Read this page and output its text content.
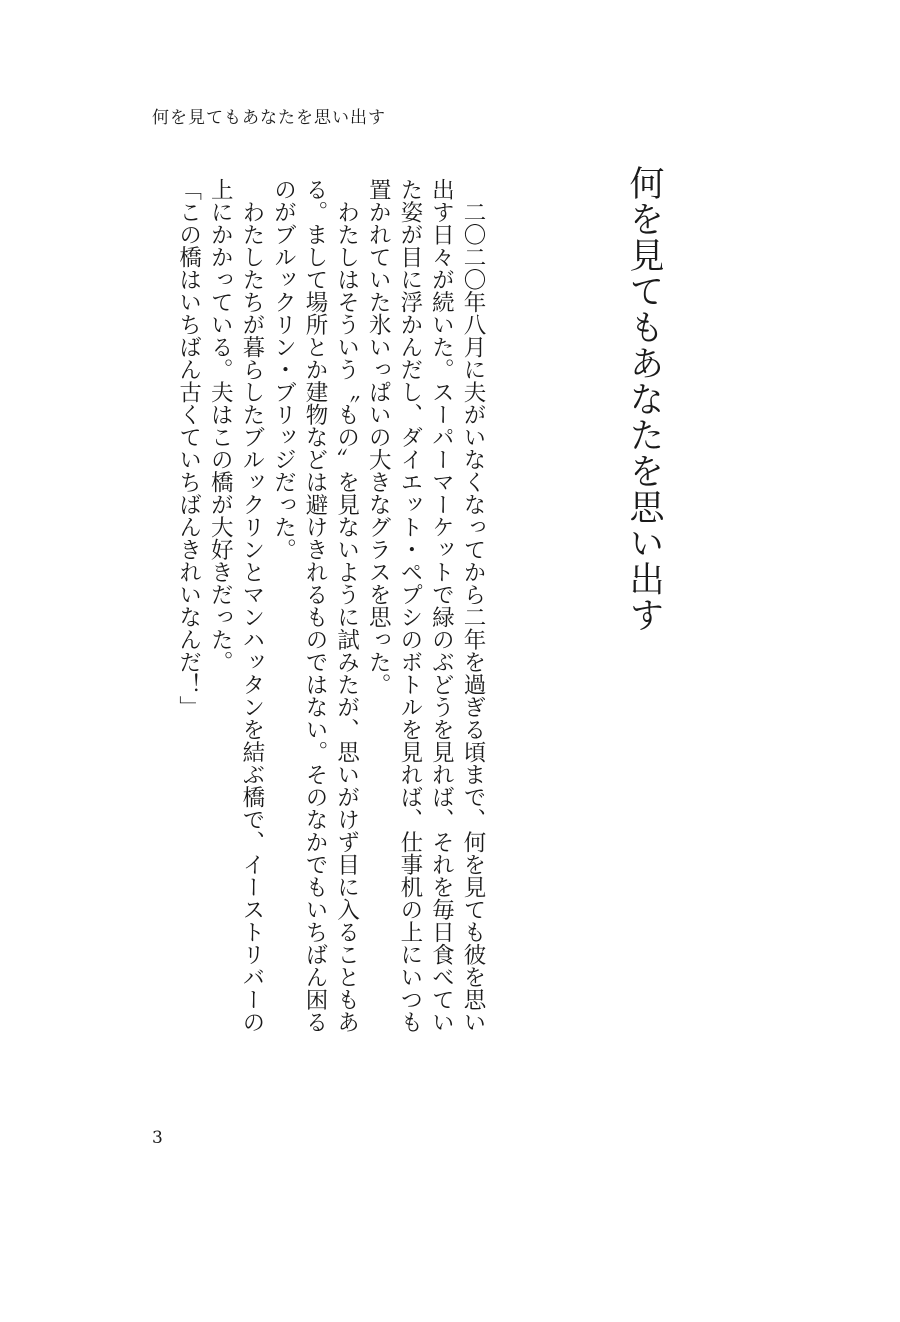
何を見てもあなたを思い出す
何を見てもあなたを思い出す
　二〇二〇年八月に夫がいなくなってから二年を過ぎる頃まで、何を見ても彼を思い
出す日々が続いた。スーパーマーケットで緑のぶどうを見れば、それを毎日食べてい
た姿が目に浮かんだし、ダイエット・ペプシのボトルを見れば、仕事机の上にいつも
置かれていた氷いっぱいの大きなグラスを思った。
　わたしはそういう〝もの〟を見ないように試みたが、思いがけず目に入ることもあ
る。まして場所とか建物などは避けきれるものではない。そのなかでもいちばん困る
のがブルックリン・ブリッジだった。
　わたしたちが暮らしたブルックリンとマンハッタンを結ぶ橋で、イーストリバーの
上にかかっている。夫はこの橋が大好きだった。
「この橋はいちばん古くていちばんきれいなんだ！」
3
